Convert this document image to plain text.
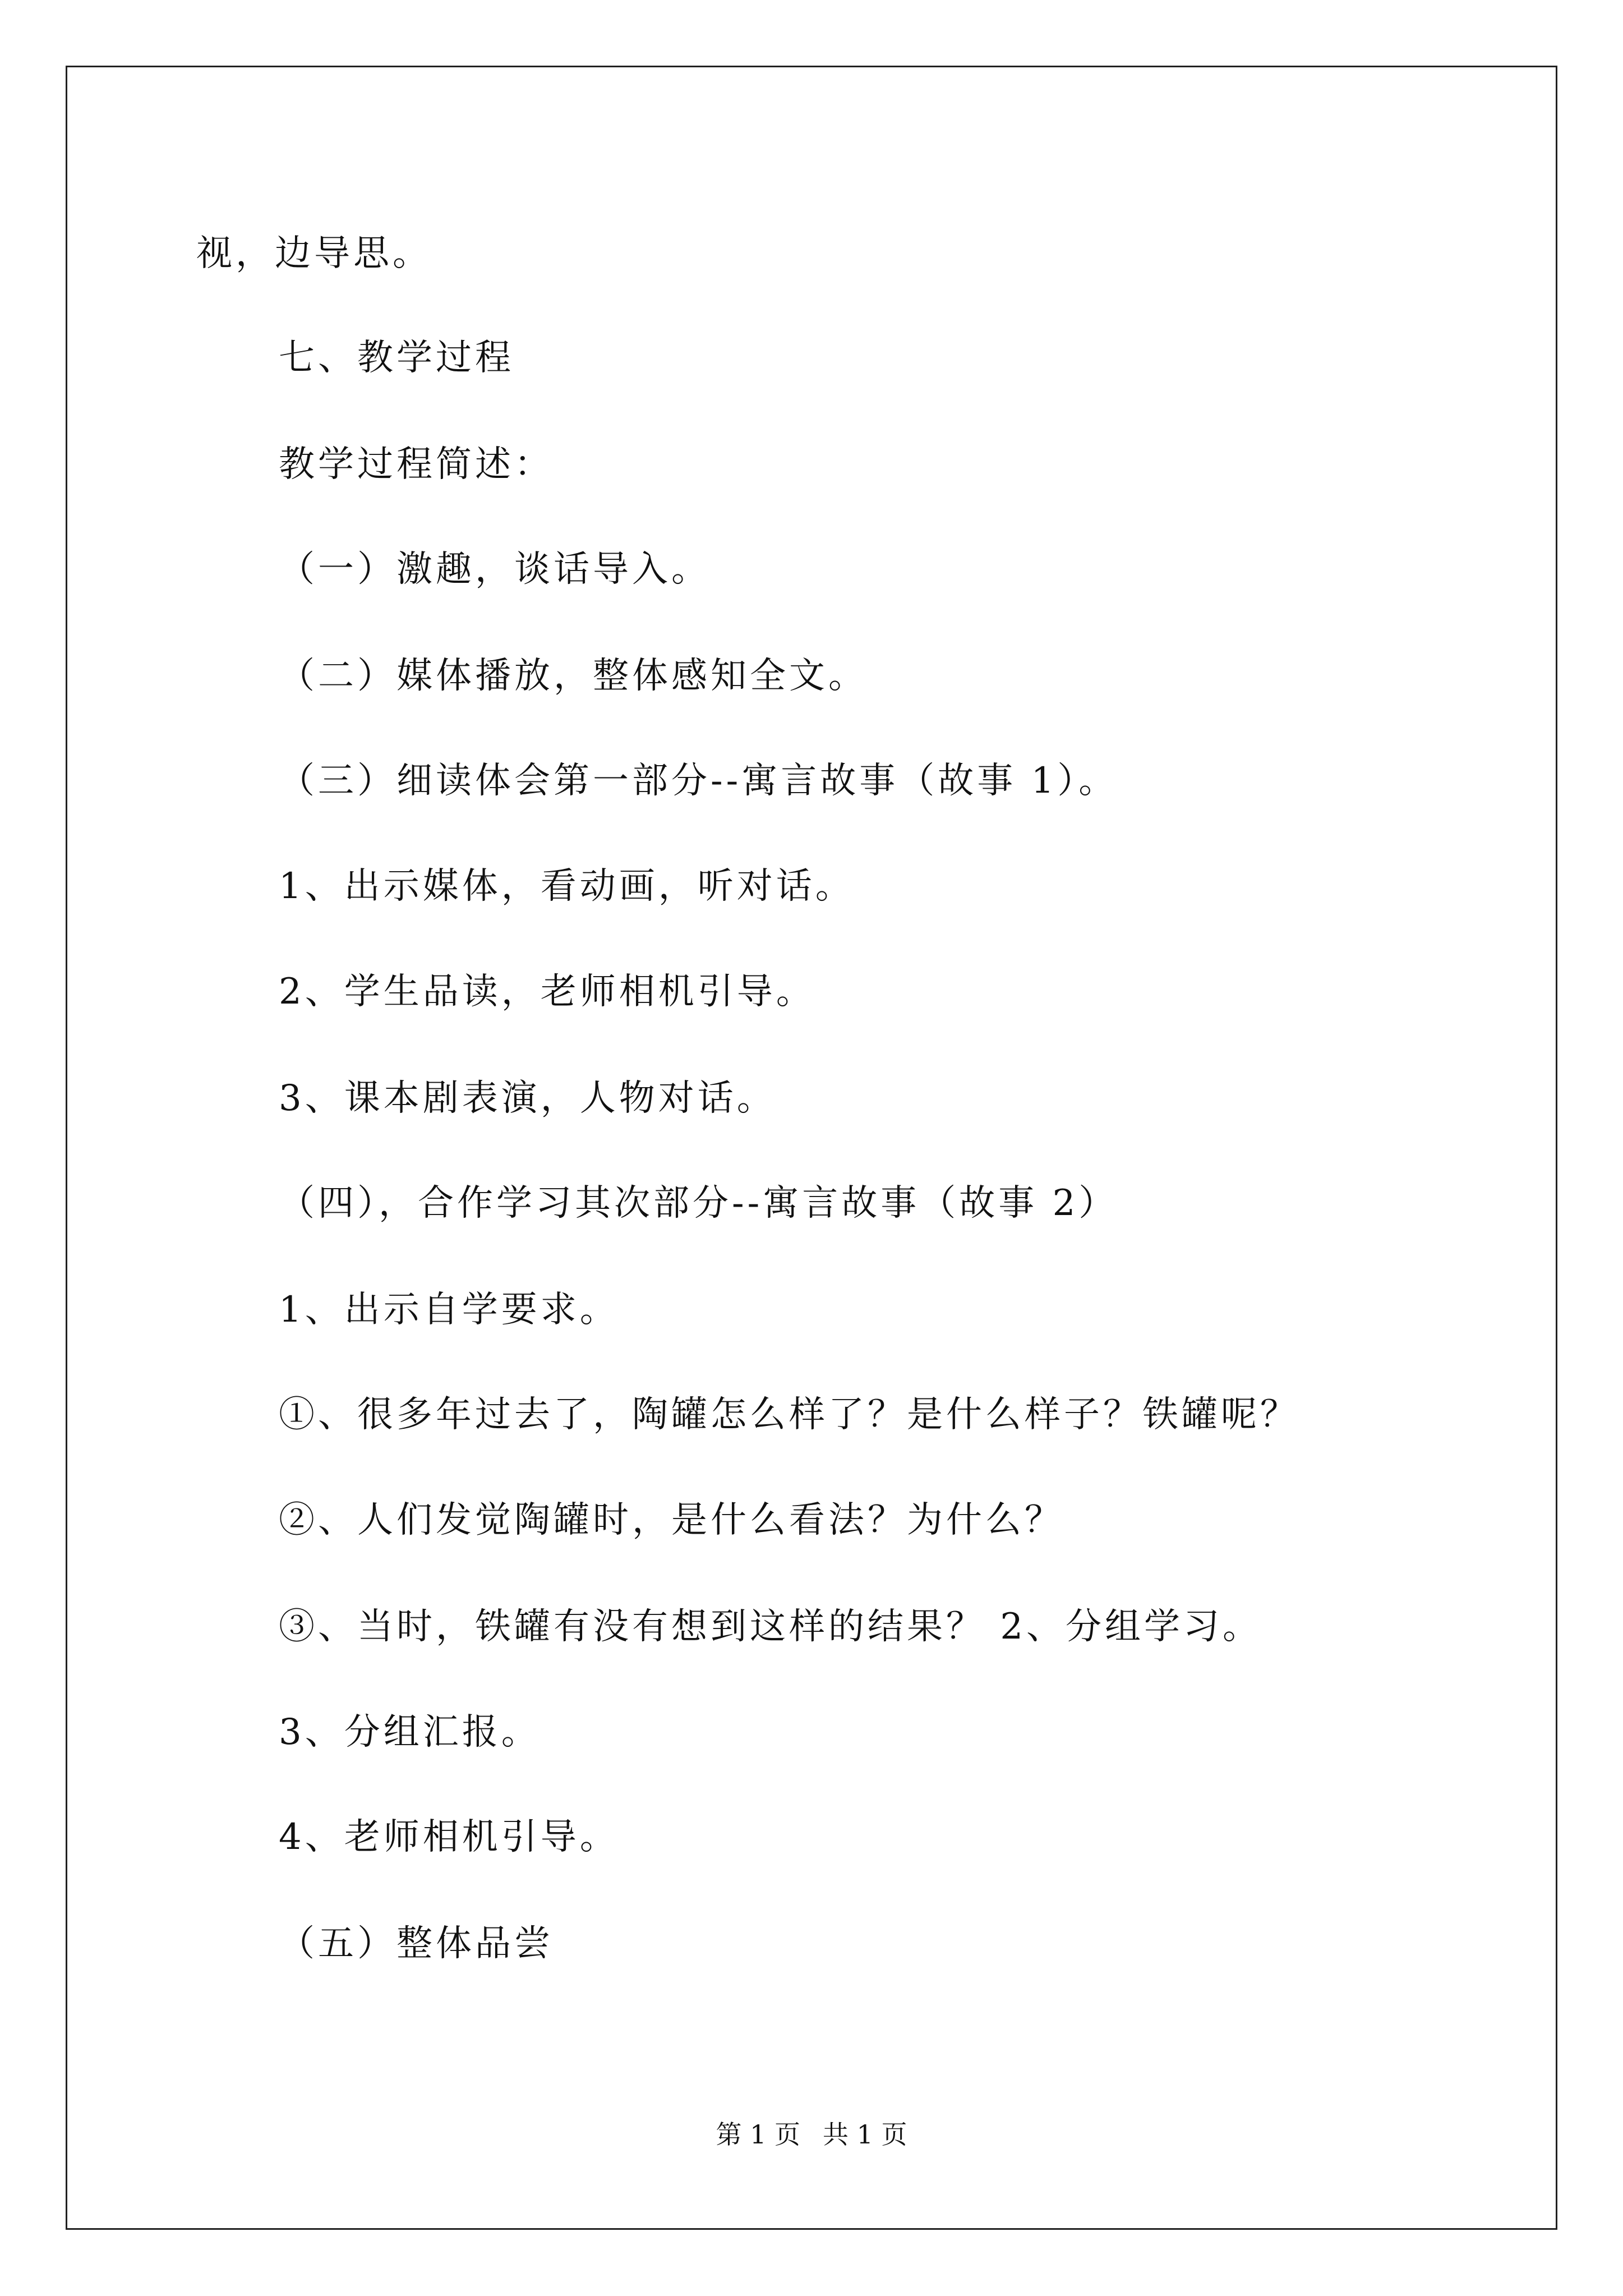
视，边导思。
七、教学过程
教学过程简述：
（一）激趣，谈话导入。
（二）媒体播放，整体感知全文。
（三）细读体会第一部分--寓言故事（故事 1）。
1、出示媒体，看动画，听对话。
2、学生品读，老师相机引导。
3、课本剧表演，人物对话。
（四），合作学习其次部分--寓言故事（故事 2）
1、出示自学要求。
①、很多年过去了，陶罐怎么样了？是什么样子？铁罐呢？
②、人们发觉陶罐时，是什么看法？为什么？
③、当时，铁罐有没有想到这样的结果？ 2、分组学习。
3、分组汇报。
4、老师相机引导。
（五）整体品尝
第 1 页 共 1 页
